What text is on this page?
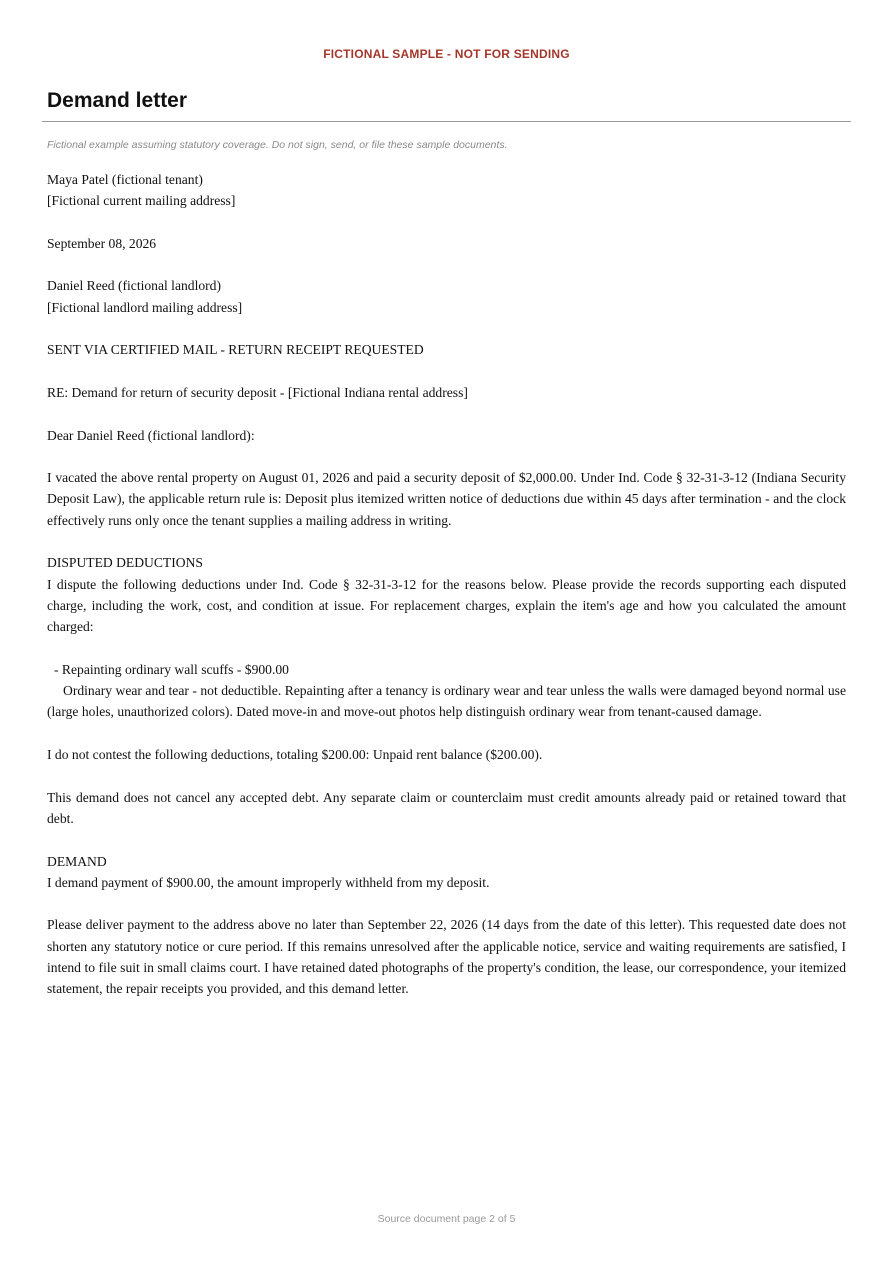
FICTIONAL SAMPLE - NOT FOR SENDING
Demand letter
Fictional example assuming statutory coverage. Do not sign, send, or file these sample documents.

Maya Patel (fictional tenant)
[Fictional current mailing address]

September 08, 2026

Daniel Reed (fictional landlord)
[Fictional landlord mailing address]

SENT VIA CERTIFIED MAIL - RETURN RECEIPT REQUESTED

RE: Demand for return of security deposit - [Fictional Indiana rental address]

Dear Daniel Reed (fictional landlord):

I vacated the above rental property on August 01, 2026 and paid a security deposit of $2,000.00. Under Ind. Code § 32-31-3-12 (Indiana Security Deposit Law), the applicable return rule is: Deposit plus itemized written notice of deductions due within 45 days after termination - and the clock effectively runs only once the tenant supplies a mailing address in writing.

DISPUTED DEDUCTIONS

I dispute the following deductions under Ind. Code § 32-31-3-12 for the reasons below. Please provide the records supporting each disputed charge, including the work, cost, and condition at issue. For replacement charges, explain the item's age and how you calculated the amount charged:

- Repainting ordinary wall scuffs - $900.00

Ordinary wear and tear - not deductible. Repainting after a tenancy is ordinary wear and tear unless the walls were damaged beyond normal use (large holes, unauthorized colors). Dated move-in and move-out photos help distinguish ordinary wear from tenant-caused damage.

I do not contest the following deductions, totaling $200.00: Unpaid rent balance ($200.00).

This demand does not cancel any accepted debt. Any separate claim or counterclaim must credit amounts already paid or retained toward that debt.

DEMAND

I demand payment of $900.00, the amount improperly withheld from my deposit.

Please deliver payment to the address above no later than September 22, 2026 (14 days from the date of this letter). This requested date does not shorten any statutory notice or cure period. If this remains unresolved after the applicable notice, service and waiting requirements are satisfied, I intend to file suit in small claims court. I have retained dated photographs of the property's condition, the lease, our correspondence, your itemized statement, the repair receipts you provided, and this demand letter.

Source document page 2 of 5
